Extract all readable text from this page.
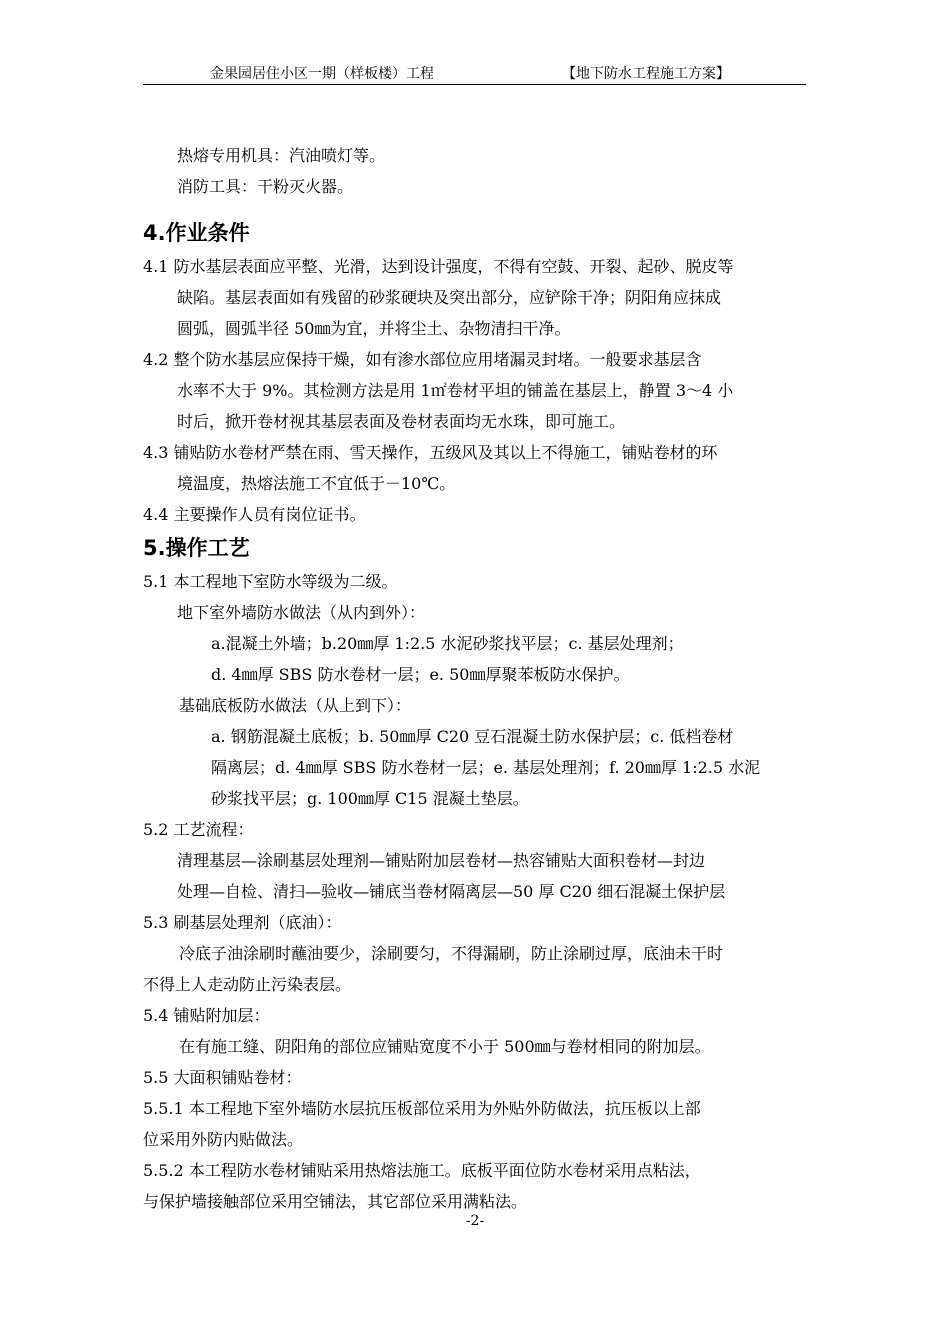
金果园居住小区一期（样板楼）工程	【地下防水工程施工方案】
热熔专用机具：汽油喷灯等。
消防工具：干粉灭火器。
4.作业条件
4.1 防水基层表面应平整、光滑，达到设计强度，不得有空鼓、开裂、起砂、脱皮等
缺陷。基层表面如有残留的砂浆硬块及突出部分，应铲除干净；阴阳角应抹成
圆弧，圆弧半径 50㎜为宜，并将尘土、杂物清扫干净。
4.2 整个防水基层应保持干燥，如有渗水部位应用堵漏灵封堵。一般要求基层含
水率不大于 9%。其检测方法是用 1㎡卷材平坦的铺盖在基层上，静置 3～4 小
时后，掀开卷材视其基层表面及卷材表面均无水珠，即可施工。
4.3 铺贴防水卷材严禁在雨、雪天操作，五级风及其以上不得施工，铺贴卷材的环
境温度，热熔法施工不宜低于－10℃。
4.4 主要操作人员有岗位证书。
5.操作工艺
5.1 本工程地下室防水等级为二级。
地下室外墙防水做法（从内到外）：
a.混凝土外墙；b.20㎜厚 1:2.5 水泥砂浆找平层；c. 基层处理剂；
d. 4㎜厚 SBS 防水卷材一层；e. 50㎜厚聚苯板防水保护。
基础底板防水做法（从上到下）：
a. 钢筋混凝土底板；b. 50㎜厚 C20 豆石混凝土防水保护层；c. 低档卷材
隔离层；d. 4㎜厚 SBS 防水卷材一层；e. 基层处理剂；f. 20㎜厚 1:2.5 水泥
砂浆找平层；g. 100㎜厚 C15 混凝土垫层。
5.2 工艺流程：
清理基层—涂刷基层处理剂—铺贴附加层卷材—热容铺贴大面积卷材—封边
处理—自检、清扫—验收—铺底当卷材隔离层—50 厚 C20 细石混凝土保护层
5.3 刷基层处理剂（底油）：
冷底子油涂刷时蘸油要少，涂刷要匀，不得漏刷，防止涂刷过厚，底油未干时
不得上人走动防止污染表层。
5.4 铺贴附加层：
在有施工缝、阴阳角的部位应铺贴宽度不小于 500㎜与卷材相同的附加层。
5.5 大面积铺贴卷材：
5.5.1 本工程地下室外墙防水层抗压板部位采用为外贴外防做法，抗压板以上部
位采用外防内贴做法。
5.5.2 本工程防水卷材铺贴采用热熔法施工。底板平面位防水卷材采用点粘法，
与保护墙接触部位采用空铺法，其它部位采用满粘法。
-2-
